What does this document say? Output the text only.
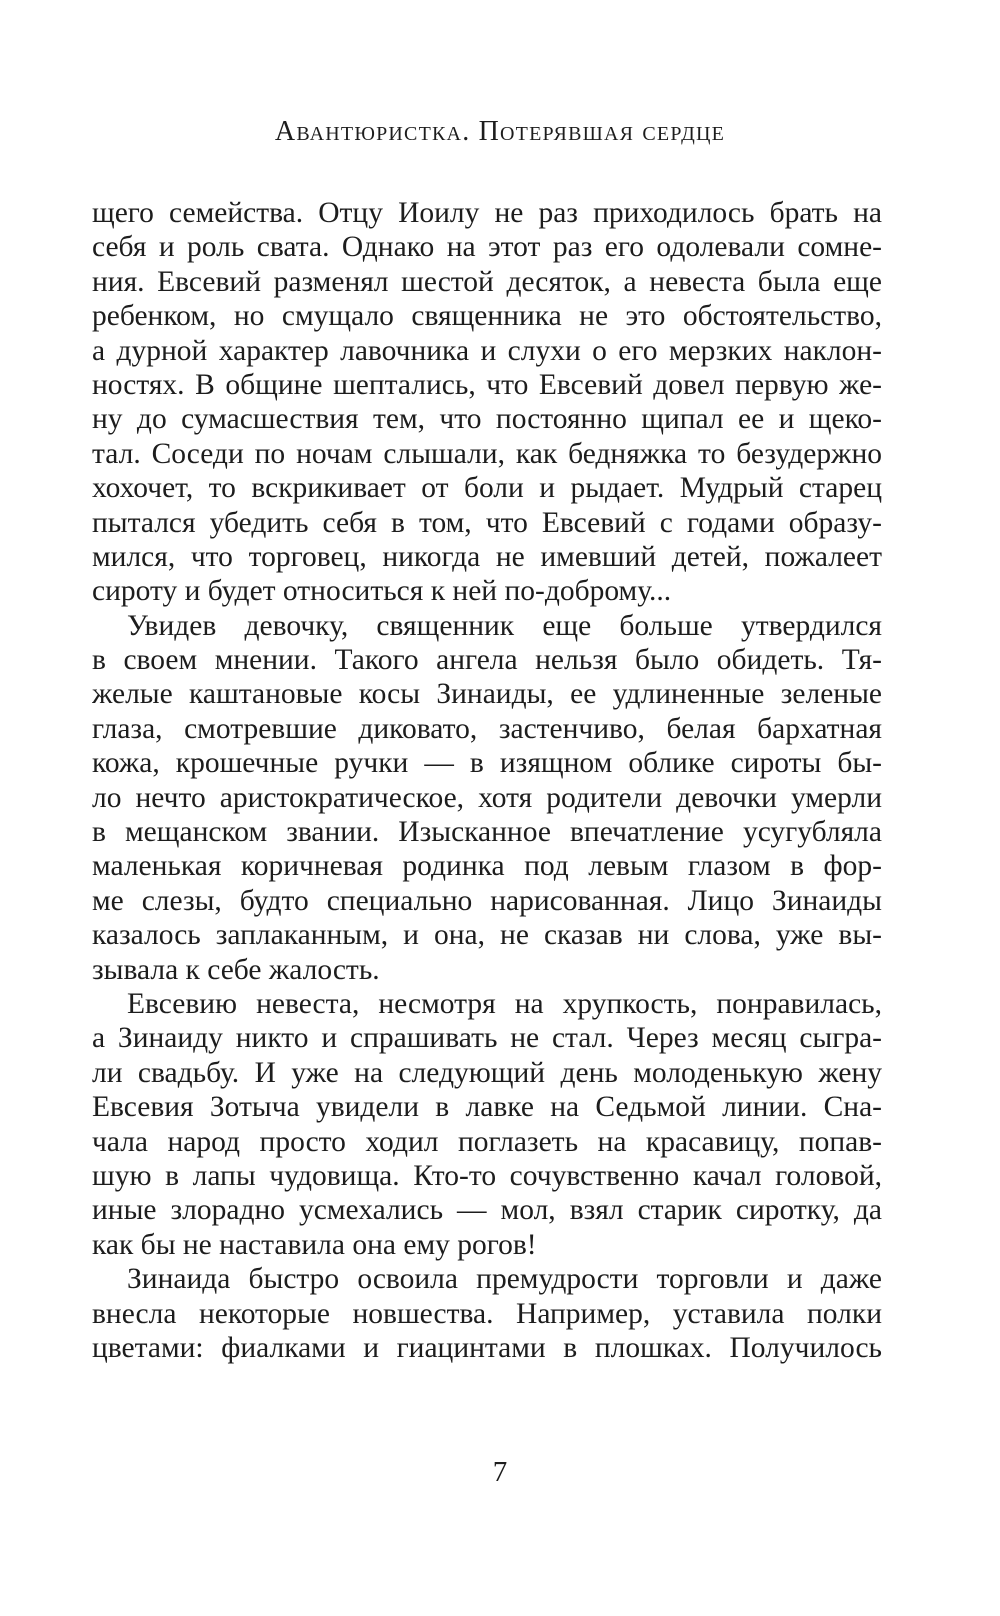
Авантюристка. Потерявшая сердце
щего семейства. Отцу Иоилу не раз приходилось брать на
себя и роль свата. Однако на этот раз его одолевали сомне-
ния. Евсевий разменял шестой десяток, а невеста была еще
ребенком, но смущало священника не это обстоятельство,
а дурной характер лавочника и слухи о его мерзких наклон-
ностях. В общине шептались, что Евсевий довел первую же-
ну до сумасшествия тем, что постоянно щипал ее и щеко-
тал. Соседи по ночам слышали, как бедняжка то безудержно
хохочет, то вскрикивает от боли и рыдает. Мудрый старец
пытался убедить себя в том, что Евсевий с годами образу-
мился, что торговец, никогда не имевший детей, пожалеет
сироту и будет относиться к ней по-доброму...
Увидев девочку, священник еще больше утвердился
в своем мнении. Такого ангела нельзя было обидеть. Тя-
желые каштановые косы Зинаиды, ее удлиненные зеленые
глаза, смотревшие диковато, застенчиво, белая бархатная
кожа, крошечные ручки — в изящном облике сироты бы-
ло нечто аристократическое, хотя родители девочки умерли
в мещанском звании. Изысканное впечатление усугубляла
маленькая коричневая родинка под левым глазом в фор-
ме слезы, будто специально нарисованная. Лицо Зинаиды
казалось заплаканным, и она, не сказав ни слова, уже вы-
зывала к себе жалость.
Евсевию невеста, несмотря на хрупкость, понравилась,
а Зинаиду никто и спрашивать не стал. Через месяц сыгра-
ли свадьбу. И уже на следующий день молоденькую жену
Евсевия Зотыча увидели в лавке на Седьмой линии. Сна-
чала народ просто ходил поглазеть на красавицу, попав-
шую в лапы чудовища. Кто-то сочувственно качал головой,
иные злорадно усмехались — мол, взял старик сиротку, да
как бы не наставила она ему рогов!
Зинаида быстро освоила премудрости торговли и даже
внесла некоторые новшества. Например, уставила полки
цветами: фиалками и гиацинтами в плошках. Получилось
7
